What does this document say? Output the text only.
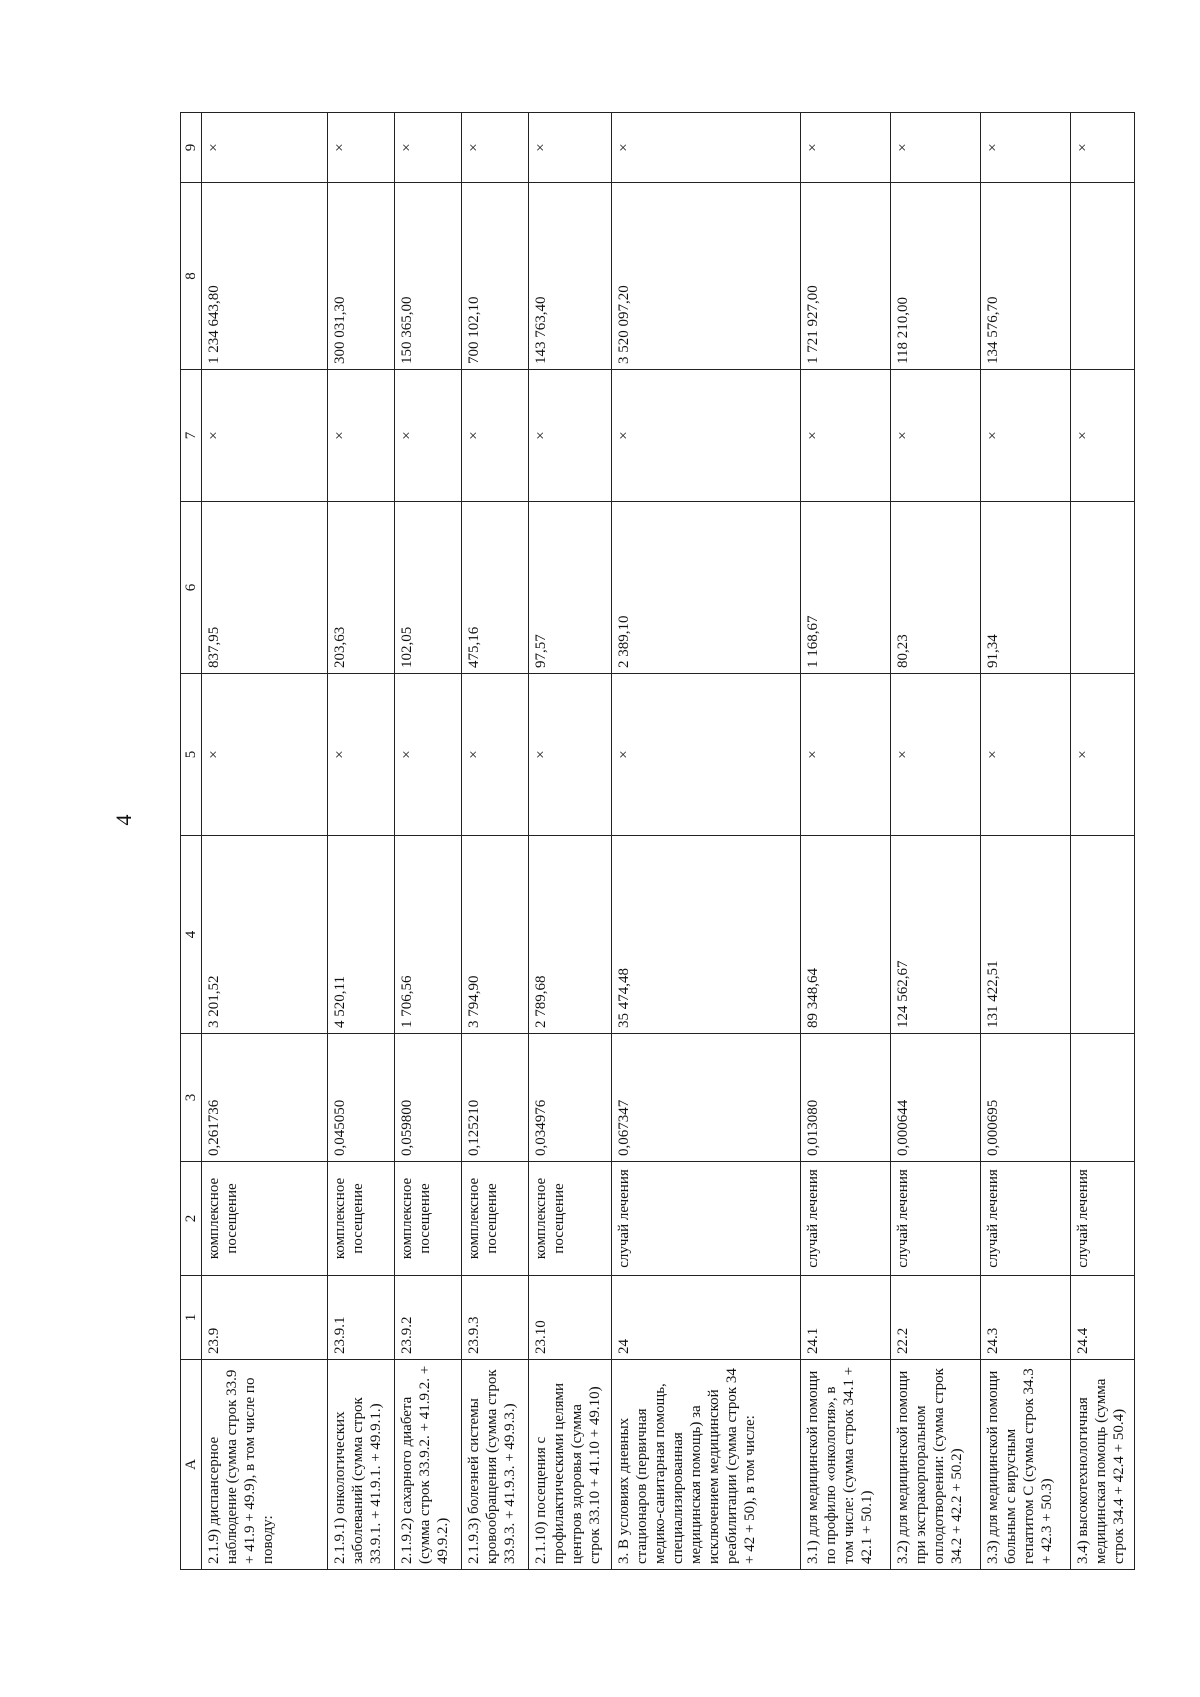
4
А	1	2	3	4	5	6	7	8	9
2.1.9) диспансерное наблюдение (сумма строк 33.9 + 41.9 + 49.9), в том числе по поводу:	23.9	комплексное посещение	0,261736	3 201,52	×	837,95	×	1 234 643,80	×
2.1.9.1) онкологических заболеваний (сумма строк 33.9.1. + 41.9.1. + 49.9.1.)	23.9.1	комплексное посещение	0,045050	4 520,11	×	203,63	×	300 031,30	×
2.1.9.2) сахарного диабета (сумма строк 33.9.2. + 41.9.2. + 49.9.2.)	23.9.2	комплексное посещение	0,059800	1 706,56	×	102,05	×	150 365,00	×
2.1.9.3) болезней системы кровообращения (сумма строк 33.9.3. + 41.9.3. + 49.9.3.)	23.9.3	комплексное посещение	0,125210	3 794,90	×	475,16	×	700 102,10	×
2.1.10) посещения с профилактическими целями центров здоровья (сумма строк 33.10 + 41.10 + 49.10)	23.10	комплексное посещение	0,034976	2 789,68	×	97,57	×	143 763,40	×
3. В условиях дневных стационаров (первичная медико-санитарная помощь, специализированная медицинская помощь) за исключением медицинской реабилитации (сумма строк 34 + 42 + 50), в том числе:	24	случай лечения	0,067347	35 474,48	×	2 389,10	×	3 520 097,20	×
3.1) для медицинской помощи по профилю «онкология», в том числе: (сумма строк 34.1 + 42.1 + 50.1)	24.1	случай лечения	0,013080	89 348,64	×	1 168,67	×	1 721 927,00	×
3.2) для медицинской помощи при экстракорпоральном оплодотворении: (сумма строк 34.2 + 42.2 + 50.2)	22.2	случай лечения	0,000644	124 562,67	×	80,23	×	118 210,00	×
3.3) для медицинской помощи больным с вирусным гепатитом С (сумма строк 34.3 + 42.3 + 50.3)	24.3	случай лечения	0,000695	131 422,51	×	91,34	×	134 576,70	×
3.4) высокотехнологичная медицинская помощь (сумма строк 34.4 + 42.4 + 50.4)	24.4	случай лечения			×		×		×
